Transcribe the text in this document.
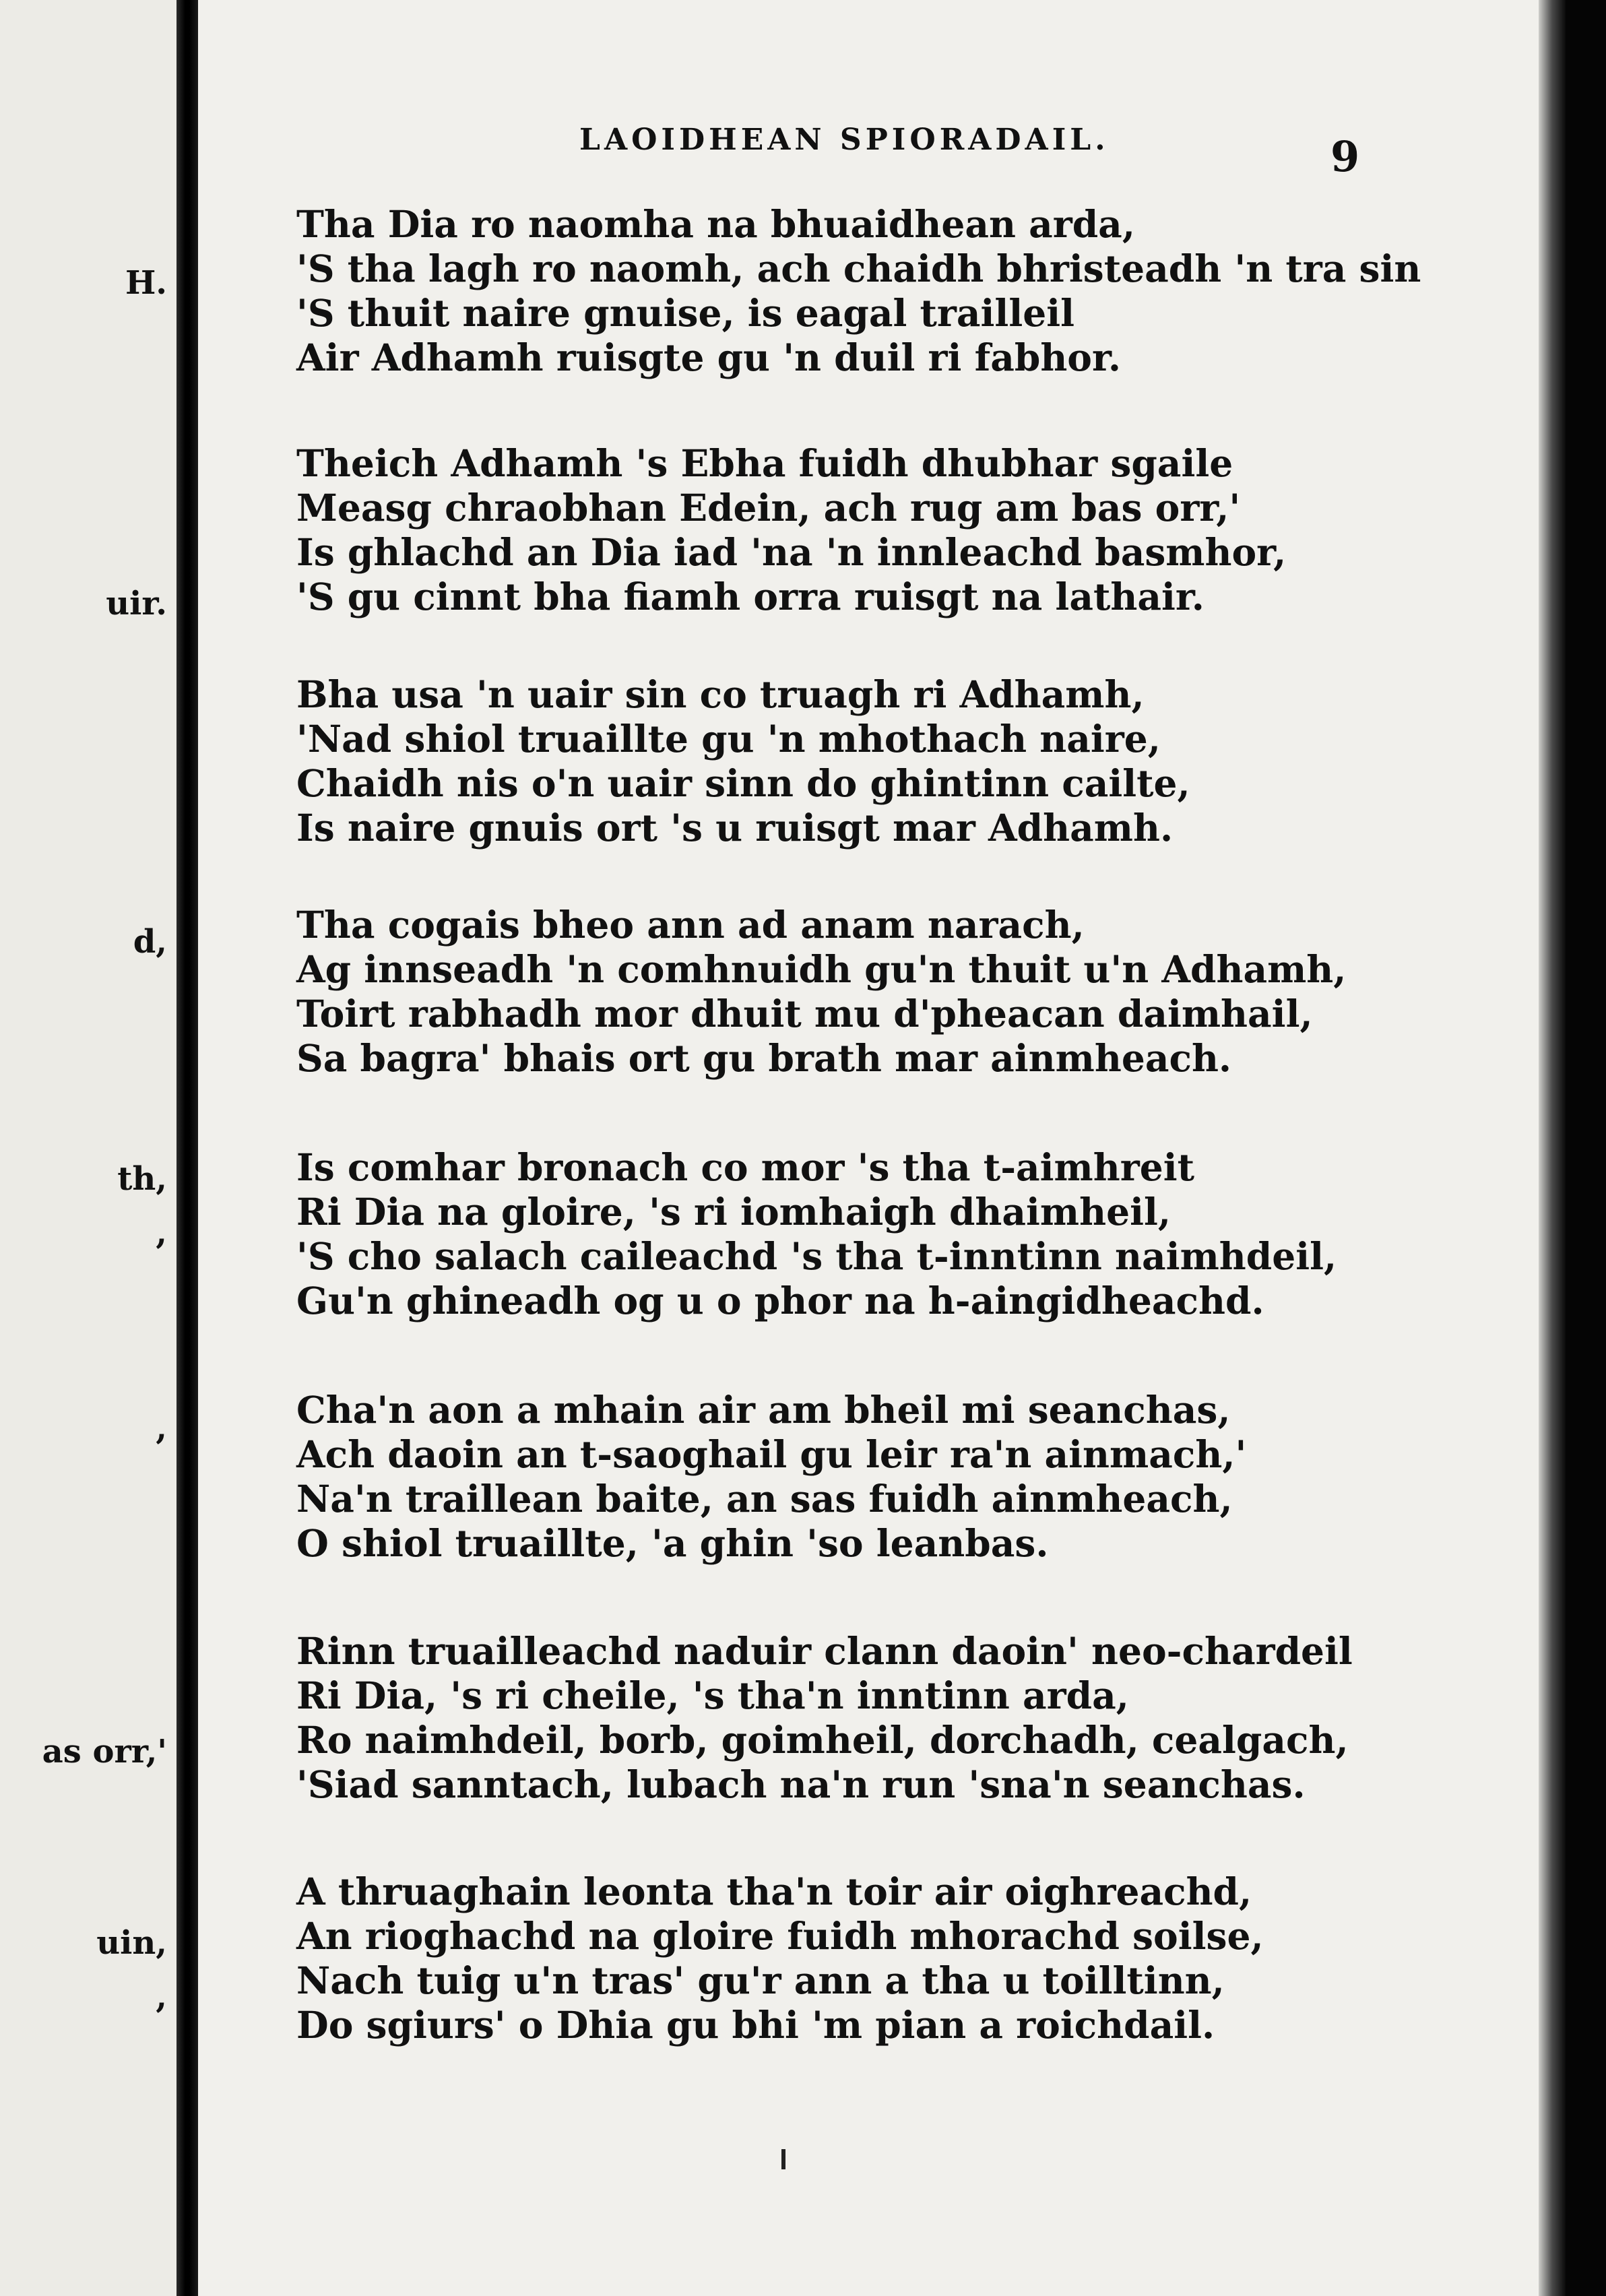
H.
uir.
d,
th,
,
,
as orr,'
uin,
,
LAOIDHEAN SPIORADAIL.	9
Tha Dia ro naomha na bhuaidhean arda,
'S tha lagh ro naomh, ach chaidh bhristeadh 'n tra sin
'S thuit naire gnuise, is eagal trailleil
Air Adhamh ruisgte gu 'n duil ri fabhor.
Theich Adhamh 's Ebha fuidh dhubhar sgaile
Measg chraobhan Edein, ach rug am bas orr,'
Is ghlachd an Dia iad 'na 'n innleachd basmhor,
'S gu cinnt bha fiamh orra ruisgt na lathair.
Bha usa 'n uair sin co truagh ri Adhamh,
'Nad shiol truaillte gu 'n mhothach naire,
Chaidh nis o'n uair sinn do ghintinn cailte,
Is naire gnuis ort 's u ruisgt mar Adhamh.
Tha cogais bheo ann ad anam narach,
Ag innseadh 'n comhnuidh gu'n thuit u'n Adhamh,
Toirt rabhadh mor dhuit mu d'pheacan daimhail,
Sa bagra' bhais ort gu brath mar ainmheach.
Is comhar bronach co mor 's tha t-aimhreit
Ri Dia na gloire, 's ri iomhaigh dhaimheil,
'S cho salach caileachd 's tha t-inntinn naimhdeil,
Gu'n ghineadh og u o phor na h-aingidheachd.
Cha'n aon a mhain air am bheil mi seanchas,
Ach daoin an t-saoghail gu leir ra'n ainmach,'
Na'n traillean baite, an sas fuidh ainmheach,
O shiol truaillte, 'a ghin 'so leanbas.
Rinn truailleachd naduir clann daoin' neo-chardeil
Ri Dia, 's ri cheile, 's tha'n inntinn arda,
Ro naimhdeil, borb, goimheil, dorchadh, cealgach,
'Siad sanntach, lubach na'n run 'sna'n seanchas.
A thruaghain leonta tha'n toir air oighreachd,
An rioghachd na gloire fuidh mhorachd soilse,
Nach tuig u'n tras' gu'r ann a tha u toilltinn,
Do sgiurs' o Dhia gu bhi 'm pian a roichdail.
